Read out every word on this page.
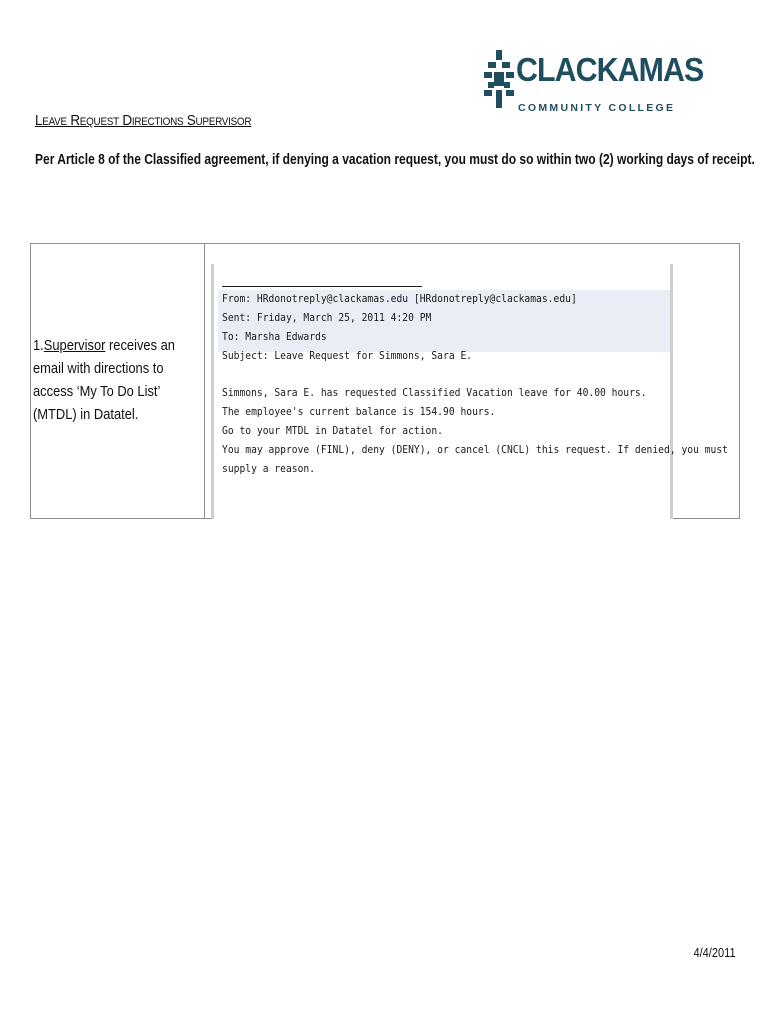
CLACKAMAS
COMMUNITY COLLEGE
Leave Request Directions Supervisor
Per Article 8 of the Classified agreement, if denying a vacation request, you must do so within two (2) working days of receipt.
1.Supervisor receives an email with directions to access ‘My To Do List’ (MTDL) in Datatel.
From: HRdonotreply@clackamas.edu [HRdonotreply@clackamas.edu]
Sent: Friday, March 25, 2011 4:20 PM
To: Marsha Edwards
Subject: Leave Request for Simmons, Sara E.
Simmons, Sara E. has requested Classified Vacation leave for 40.00 hours.
The employee's current balance is 154.90 hours.
Go to your MTDL in Datatel for action.
You may approve (FINL), deny (DENY), or cancel (CNCL) this request. If denied, you must
supply a reason.
4/4/2011
